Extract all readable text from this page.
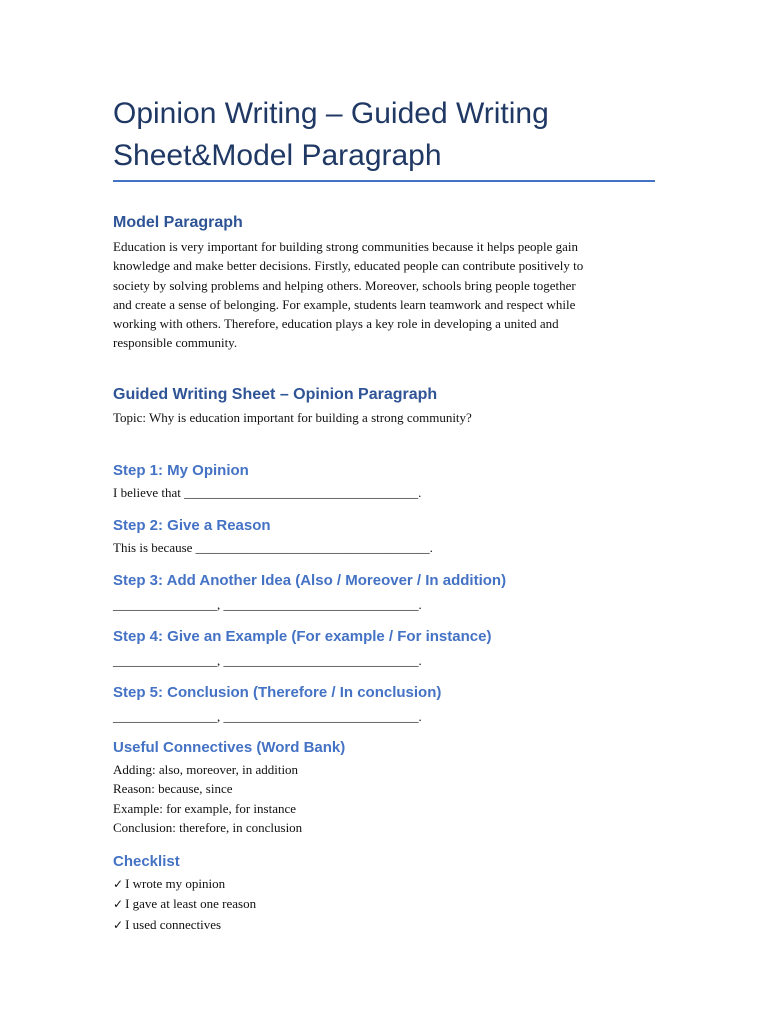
Opinion Writing – Guided Writing
Sheet&Model Paragraph
Model Paragraph
Education is very important for building strong communities because it helps people gain
knowledge and make better decisions. Firstly, educated people can contribute positively to
society by solving problems and helping others. Moreover, schools bring people together
and create a sense of belonging. For example, students learn teamwork and respect while
working with others. Therefore, education plays a key role in developing a united and
responsible community.
Guided Writing Sheet – Opinion Paragraph

Topic: Why is education important for building a strong community?

Step 1: My Opinion

I believe that ____________________________________.

Step 2: Give a Reason

This is because ____________________________________.

Step 3: Add Another Idea (Also / Moreover / In addition)

________________, ______________________________.

Step 4: Give an Example (For example / For instance)

________________, ______________________________.

Step 5: Conclusion (Therefore / In conclusion)

________________, ______________________________.

Useful Connectives (Word Bank)
Adding: also, moreover, in addition
Reason: because, since
Example: for example, for instance
Conclusion: therefore, in conclusion
Checklist
✓ I wrote my opinion
✓ I gave at least one reason
✓ I used connectives
